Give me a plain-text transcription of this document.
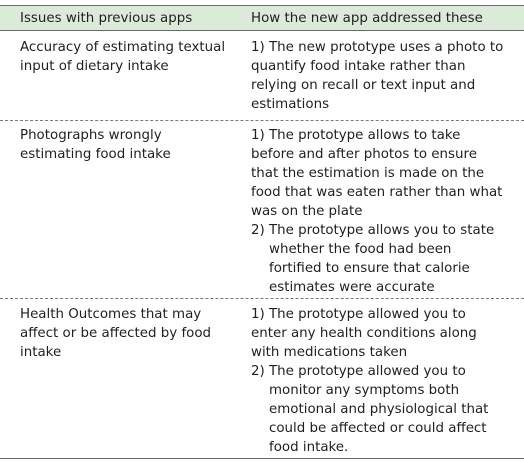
Issues with previous apps	How the new app addressed these
Accuracy of estimating textual
input of dietary intake
1) The new prototype uses a photo to
quantify food intake rather than
relying on recall or text input and
estimations
Photographs wrongly
estimating food intake
1) The prototype allows to take
before and after photos to ensure
that the estimation is made on the
food that was eaten rather than what
was on the plate
2) The prototype allows you to state
whether the food had been
fortified to ensure that calorie
estimates were accurate
Health Outcomes that may
affect or be affected by food
intake
1) The prototype allowed you to
enter any health conditions along
with medications taken
2) The prototype allowed you to
monitor any symptoms both
emotional and physiological that
could be affected or could affect
food intake.
